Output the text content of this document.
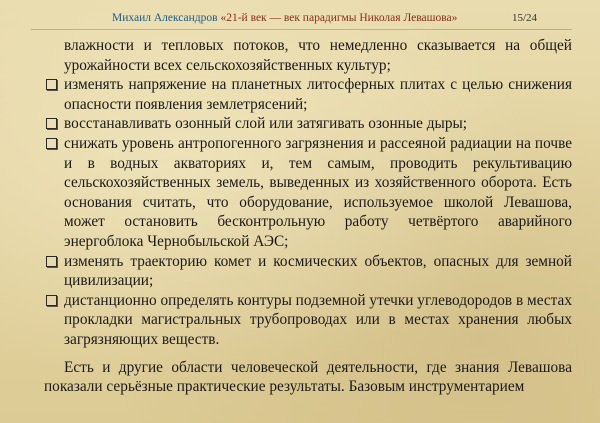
Михаил Александров «21-й век — век парадигмы Николая Левашова»	15/24

влажности и тепловых потоков, что немедленно сказывается на общей урожайности всех сельскохозяйственных культур;

изменять напряжение на планетных литосферных плитах с целью снижения опасности появления землетрясений;
восстанавливать озонный слой или затягивать озонные дыры;
снижать уровень антропогенного загрязнения и рассеяной радиации на почве и в водных акваториях и, тем самым, проводить рекультивацию сельскохозяйственных земель, выведенных из хозяйственного оборота. Есть основания считать, что оборудование, используемое школой Левашова, может остановить бесконтрольную работу четвёртого аварийного энергоблока Чернобыльской АЭС;
изменять траекторию комет и космических объектов, опасных для земной цивилизации;
дистанционно определять контуры подземной утечки углеводородов в местах прокладки магистральных трубопроводах или в местах хранения любых загрязняющих веществ.

Есть и другие области человеческой деятельности, где знания Левашова показали серьёзные практические результаты. Базовым инструментарием
